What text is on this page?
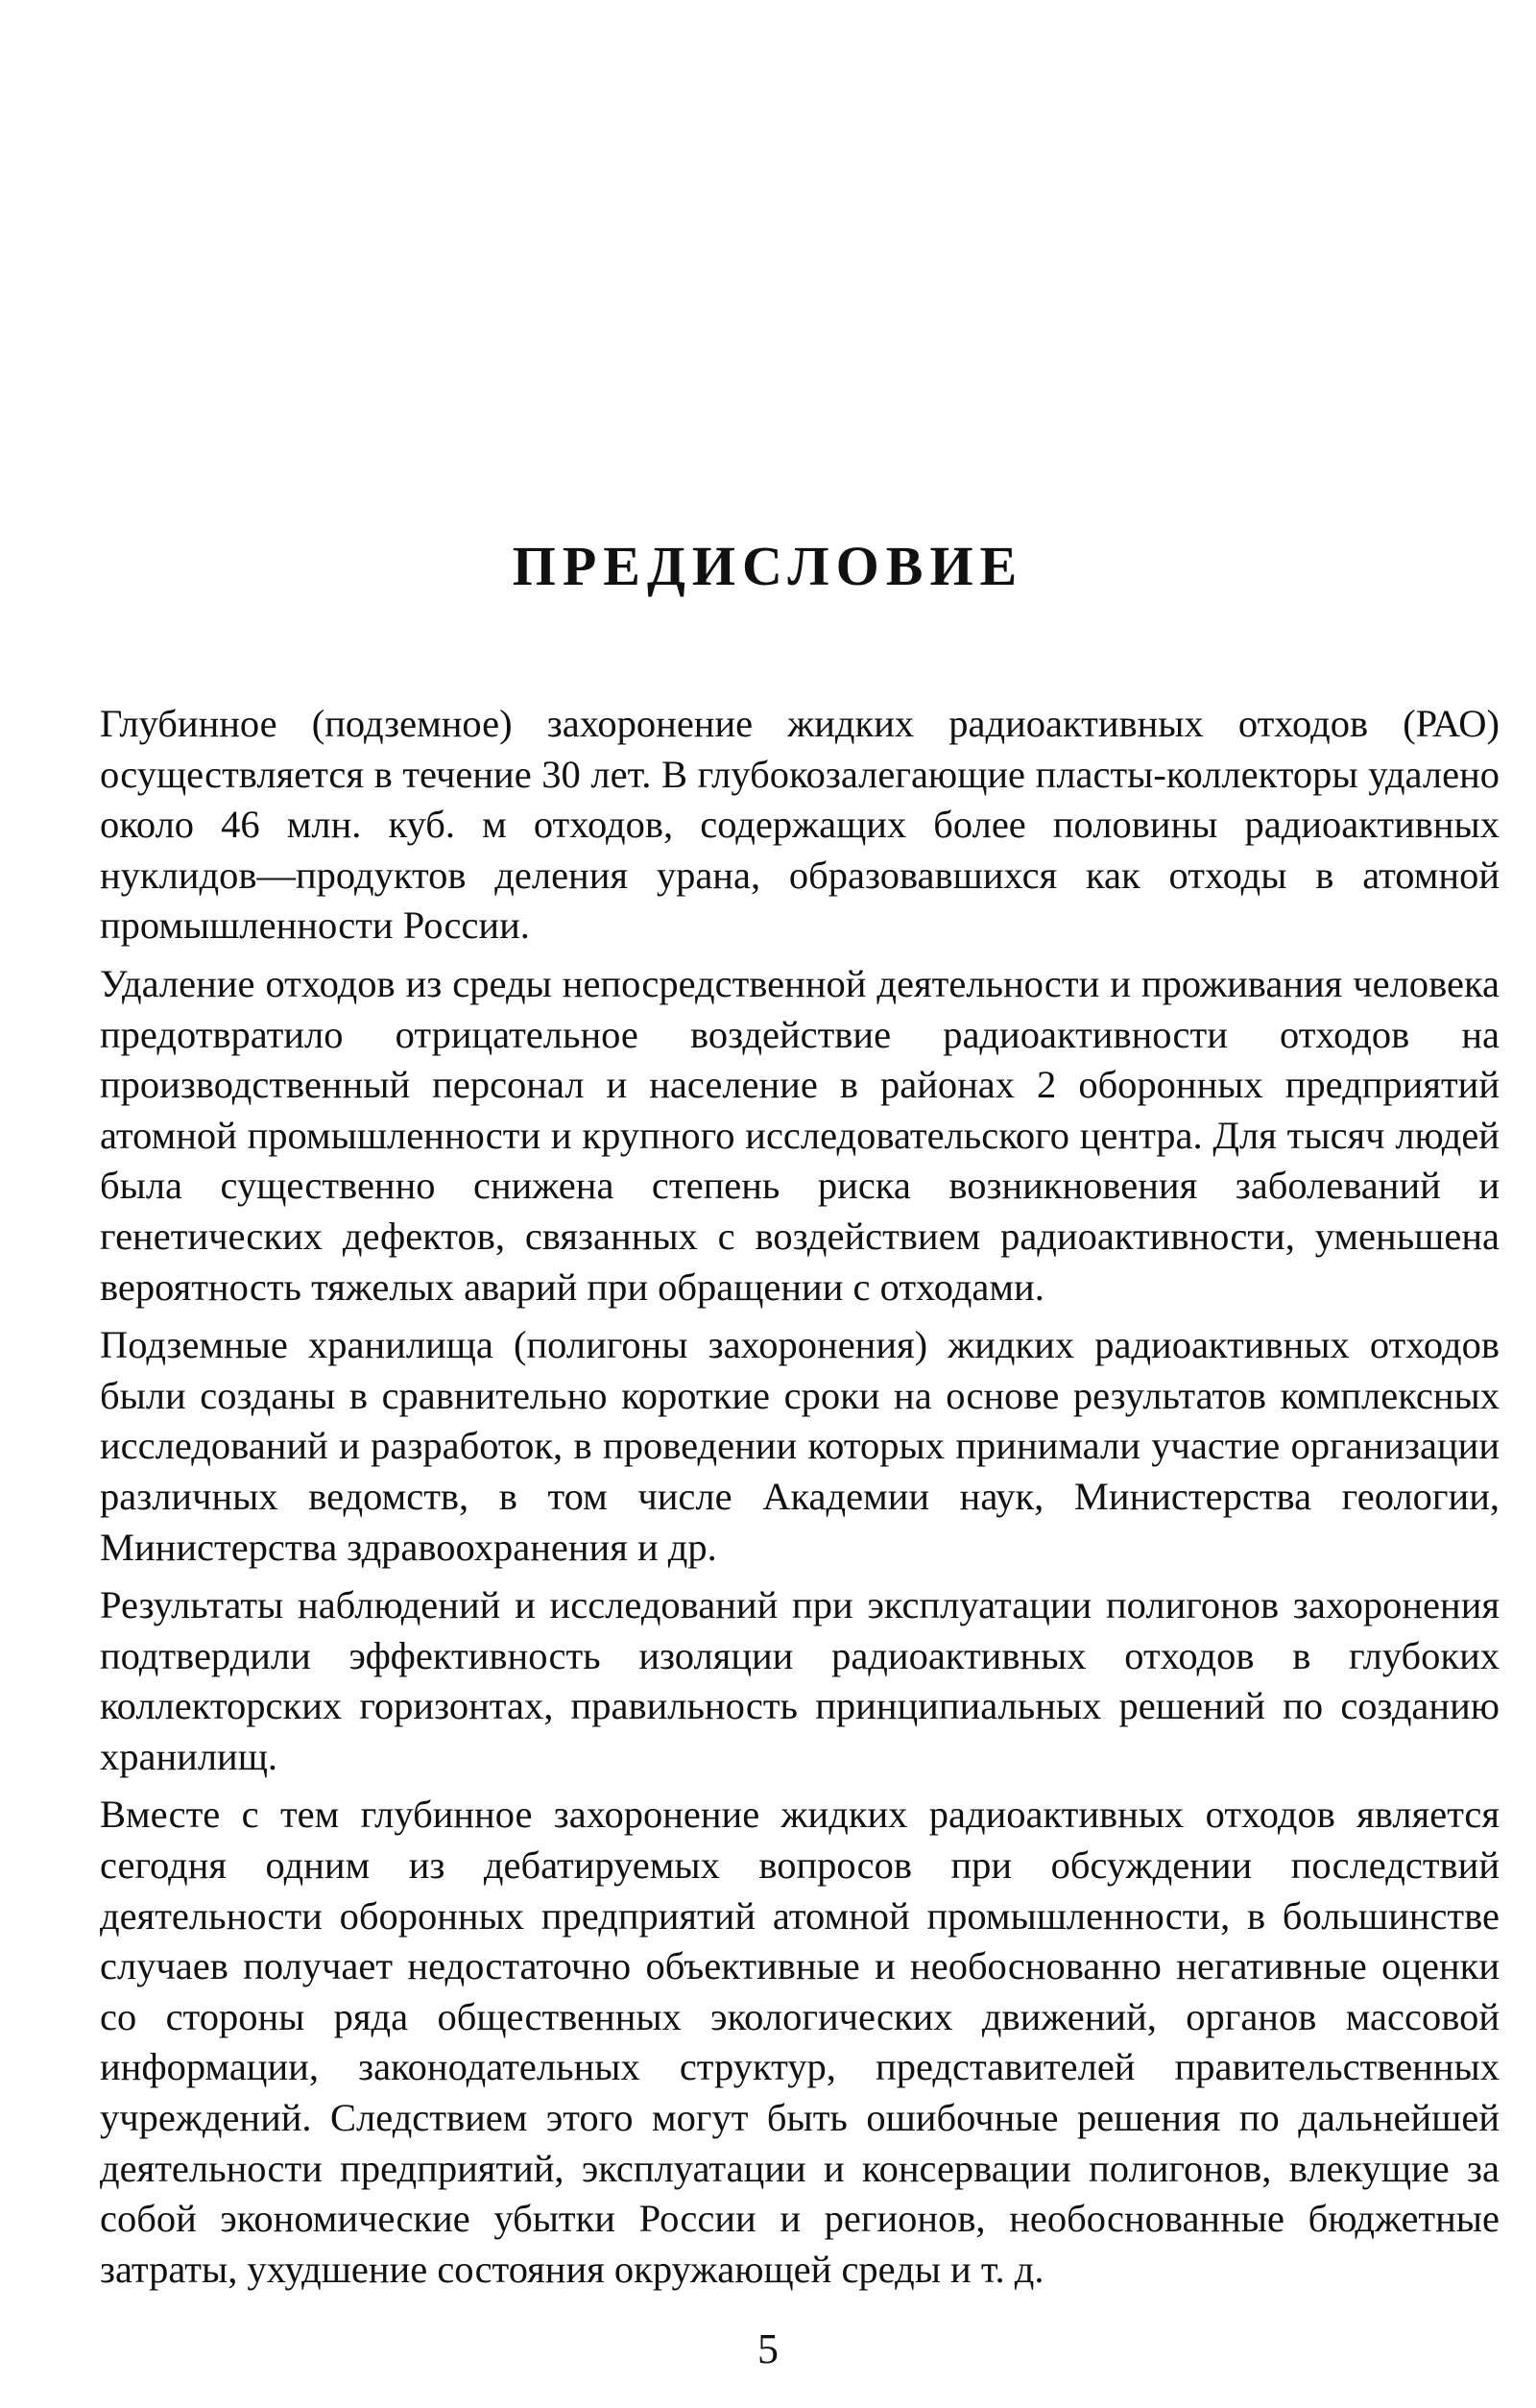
ПРЕДИСЛОВИЕ

Глубинное (подземное) захоронение жидких радиоактивных отходов (РАО) осуществляется в течение 30 лет. В глубокозалегающие пласты-коллекторы удалено около 46 млн. куб. м отходов, содержащих более половины радиоактивных нуклидов—продуктов деления урана, образовавшихся как отходы в атомной промышленности России.

Удаление отходов из среды непосредственной деятельности и проживания человека предотвратило отрицательное воздействие радиоактивности отходов на производственный персонал и население в районах 2 оборонных предприятий атомной промышленности и крупного исследовательского центра. Для тысяч людей была существенно снижена степень риска возникновения заболеваний и генетических дефектов, связанных с воздействием радиоактивности, уменьшена вероятность тяжелых аварий при обращении с отходами.

Подземные хранилища (полигоны захоронения) жидких радиоактивных отходов были созданы в сравнительно короткие сроки на основе результатов комплексных исследований и разработок, в проведении которых принимали участие организации различных ведомств, в том числе Академии наук, Министерства геологии, Министерства здравоохранения и др.

Результаты наблюдений и исследований при эксплуатации полигонов захоронения подтвердили эффективность изоляции радиоактивных отходов в глубоких коллекторских горизонтах, правильность принципиальных решений по созданию хранилищ.

Вместе с тем глубинное захоронение жидких радиоактивных отходов является сегодня одним из дебатируемых вопросов при обсуждении последствий деятельности оборонных предприятий атомной промышленности, в большинстве случаев получает недостаточно объективные и необоснованно негативные оценки со стороны ряда общественных экологических движений, органов массовой информации, законодательных структур, представителей правительственных учреждений. Следствием этого могут быть ошибочные решения по дальнейшей деятельности предприятий, эксплуатации и консервации полигонов, влекущие за собой экономические убытки России и регионов, необоснованные бюджетные затраты, ухудшение состояния окружающей среды и т. д.

5
